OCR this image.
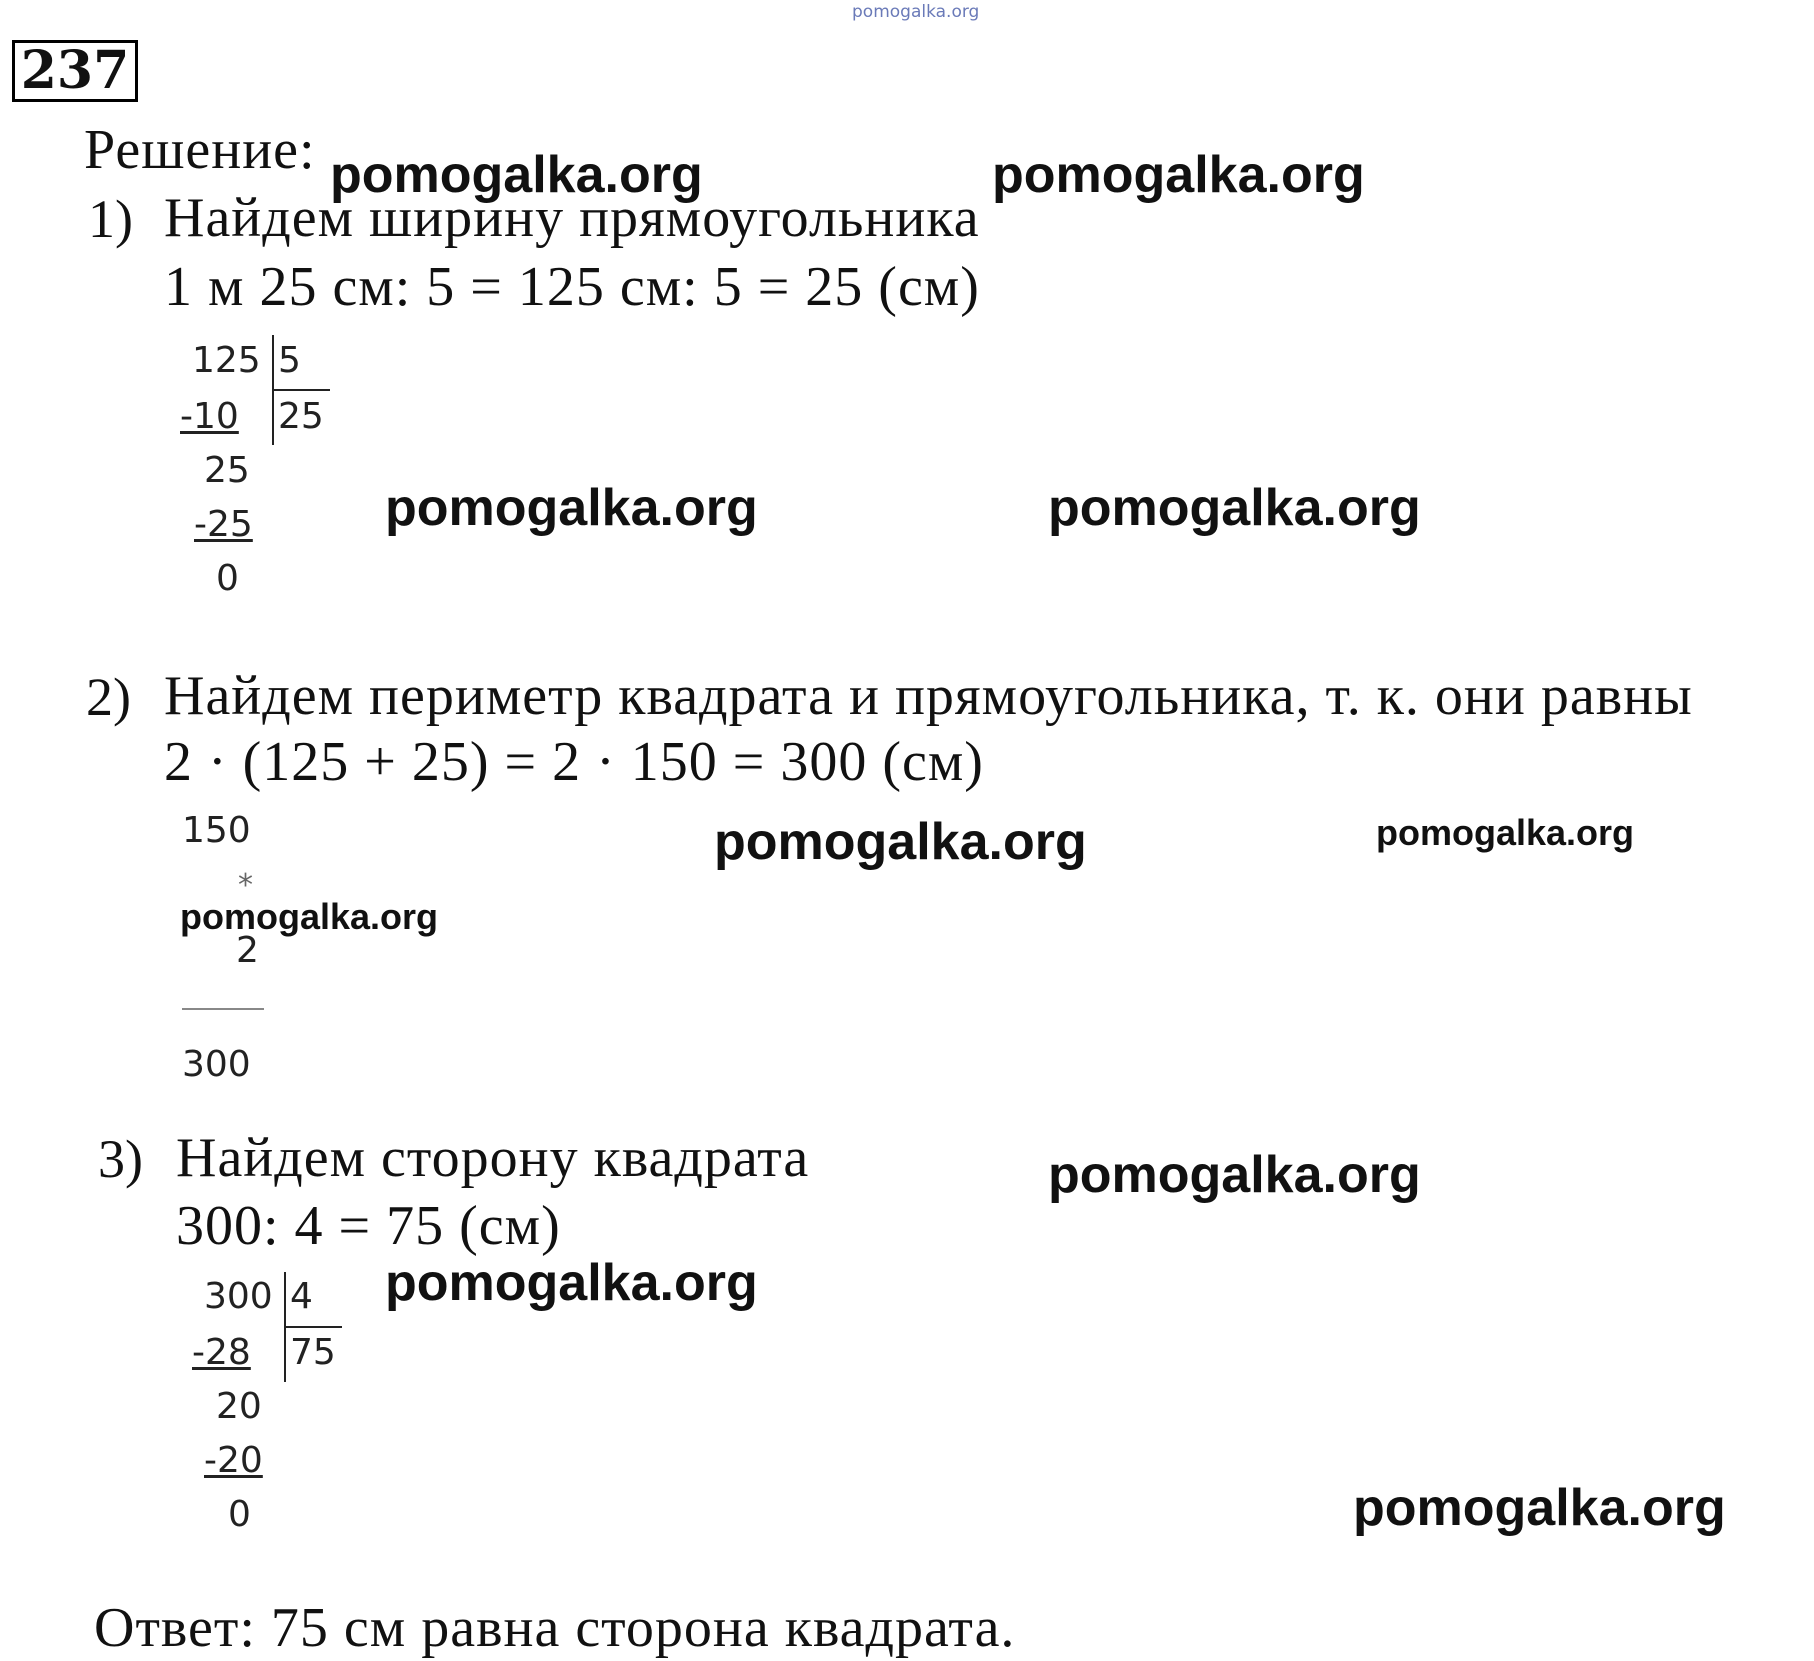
pomogalka.org
237
Решение: pomogalka.org	pomogalka.org
1) Найдем ширину прямоугольника
1 м 25 см: 5 = 125 см: 5 = 25 (см)
125 5
25
-10
25
-25
0
pomogalka.org	pomogalka.org
2) Найдем периметр квадрата и прямоугольника, т. к. они равны
2 · (125 + 25) = 2 · 150 = 300 (см)
150
*
2
300
pomogalka.org	pomogalka.org
pomogalka.org
3) Найдем сторону квадрата
300: 4 = 75 (см)
pomogalka.org
pomogalka.org
300 4
75
-28
20
-20
0	pomogalka.org
Ответ: 75 см равна сторона квадрата.
